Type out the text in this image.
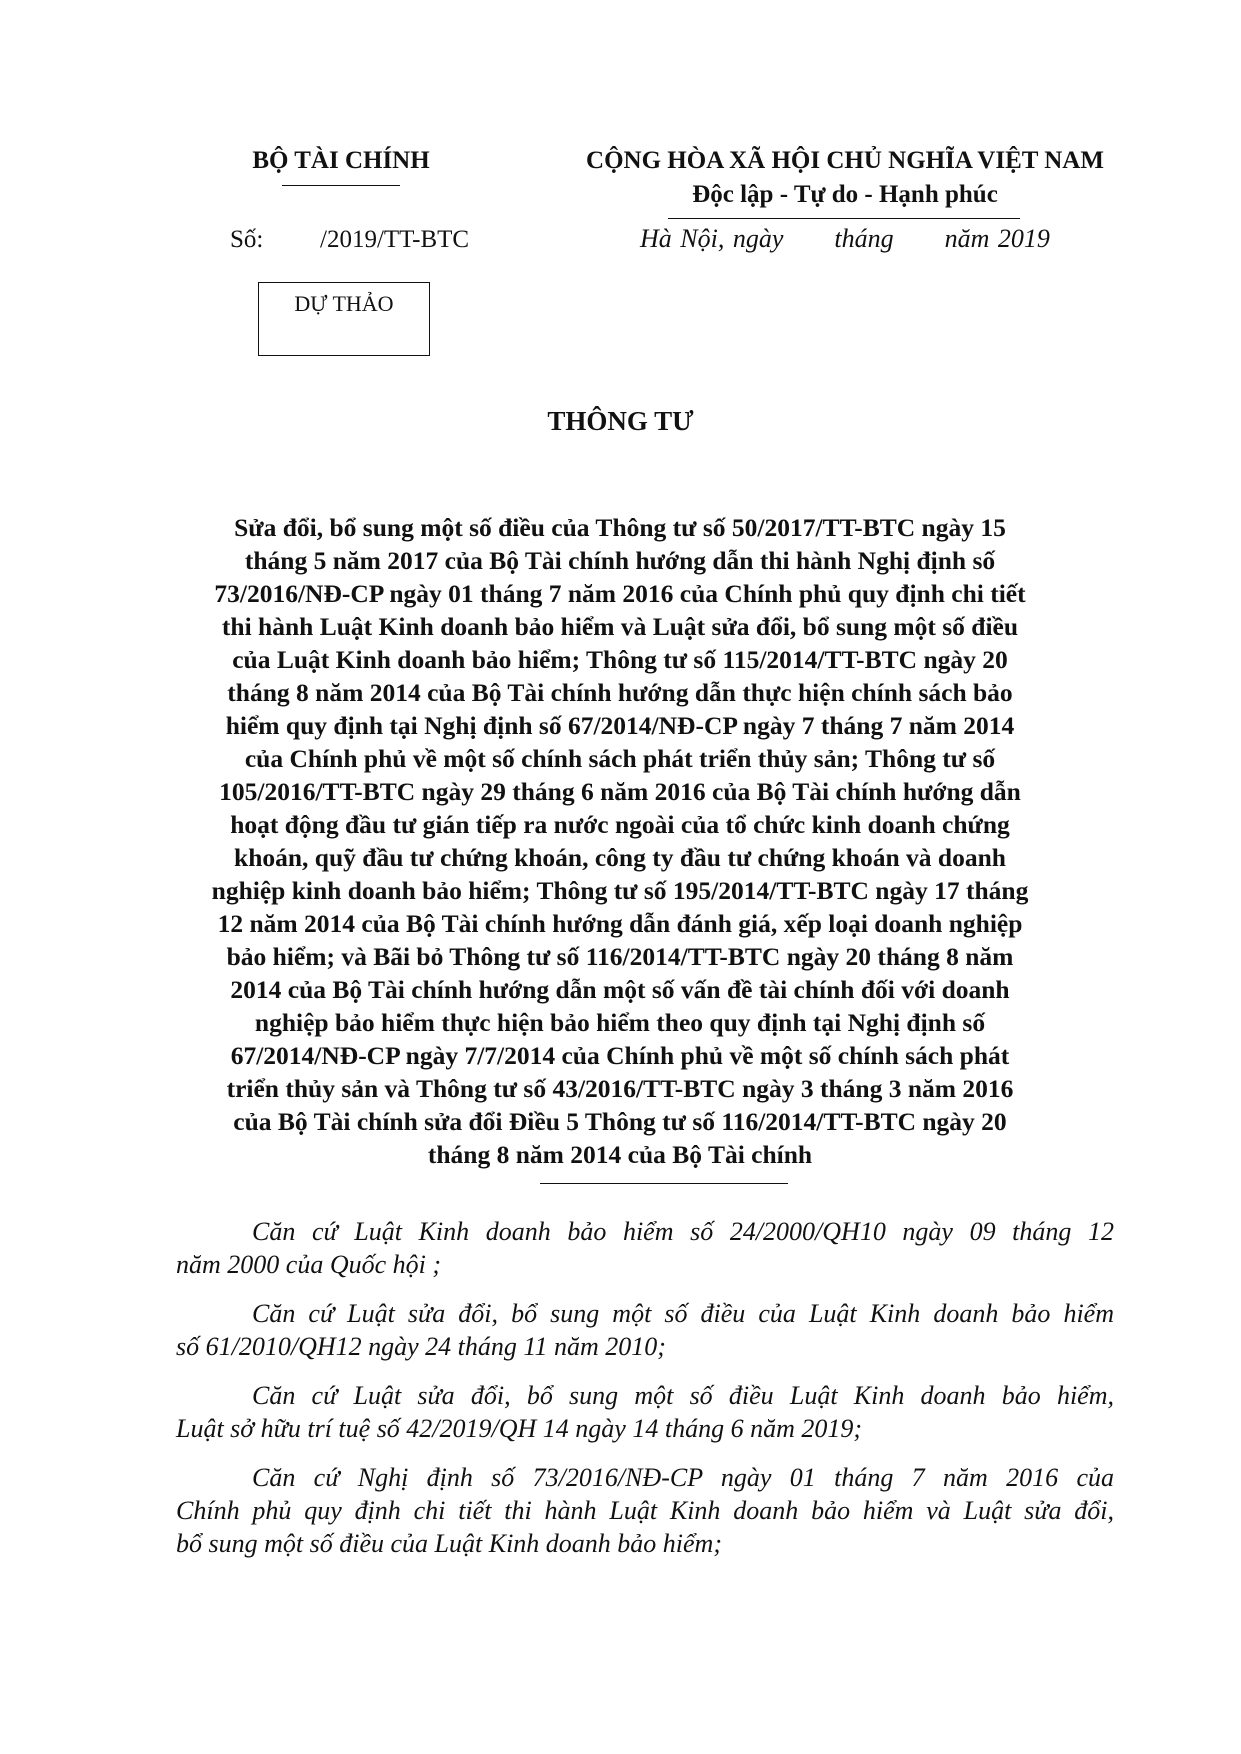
BỘ TÀI CHÍNH	CỘNG HÒA XÃ HỘI CHỦ NGHĨA VIỆT NAM
Độc lập - Tự do - Hạnh phúc
Số: /2019/TT-BTC	Hà Nội, ngày      tháng      năm 2019
DỰ THẢO
THÔNG TƯ
Sửa đổi, bổ sung một số điều của Thông tư số 50/2017/TT-BTC ngày 15
tháng 5 năm 2017 của Bộ Tài chính hướng dẫn thi hành Nghị định số
73/2016/NĐ-CP ngày 01 tháng 7 năm 2016 của Chính phủ quy định chi tiết
thi hành Luật Kinh doanh bảo hiểm và Luật sửa đổi, bổ sung một số điều
của Luật Kinh doanh bảo hiểm; Thông tư số 115/2014/TT-BTC ngày 20
tháng 8 năm 2014 của Bộ Tài chính hướng dẫn thực hiện chính sách bảo
hiểm quy định tại Nghị định số 67/2014/NĐ-CP ngày 7 tháng 7 năm 2014
của Chính phủ về một số chính sách phát triển thủy sản; Thông tư số
105/2016/TT-BTC ngày 29 tháng 6 năm 2016 của Bộ Tài chính hướng dẫn
hoạt động đầu tư gián tiếp ra nước ngoài của tổ chức kinh doanh chứng
khoán, quỹ đầu tư chứng khoán, công ty đầu tư chứng khoán và doanh
nghiệp kinh doanh bảo hiểm; Thông tư số 195/2014/TT-BTC ngày 17 tháng
12 năm 2014 của Bộ Tài chính hướng dẫn đánh giá, xếp loại doanh nghiệp
bảo hiểm; và Bãi bỏ Thông tư số 116/2014/TT-BTC ngày 20 tháng 8 năm
2014 của Bộ Tài chính hướng dẫn một số vấn đề tài chính đối với doanh
nghiệp bảo hiểm thực hiện bảo hiểm theo quy định tại Nghị định số
67/2014/NĐ-CP ngày 7/7/2014 của Chính phủ về một số chính sách phát
triển thủy sản và Thông tư số 43/2016/TT-BTC ngày 3 tháng 3 năm 2016
của Bộ Tài chính sửa đổi Điều 5 Thông tư số 116/2014/TT-BTC ngày 20
tháng 8 năm 2014 của Bộ Tài chính
Căn cứ Luật Kinh doanh bảo hiểm số 24/2000/QH10 ngày 09 tháng 12
năm 2000 của Quốc hội ;
Căn cứ Luật sửa đổi, bổ sung một số điều của Luật Kinh doanh bảo hiểm
số 61/2010/QH12 ngày 24 tháng 11 năm 2010;
Căn cứ Luật sửa đổi, bổ sung một số điều Luật Kinh doanh bảo hiểm,
Luật sở hữu trí tuệ số 42/2019/QH 14 ngày 14 tháng 6 năm 2019;
Căn cứ Nghị định số 73/2016/NĐ-CP ngày 01 tháng 7 năm 2016 của
Chính phủ quy định chi tiết thi hành Luật Kinh doanh bảo hiểm và Luật sửa đổi,
bổ sung một số điều của Luật Kinh doanh bảo hiểm;
